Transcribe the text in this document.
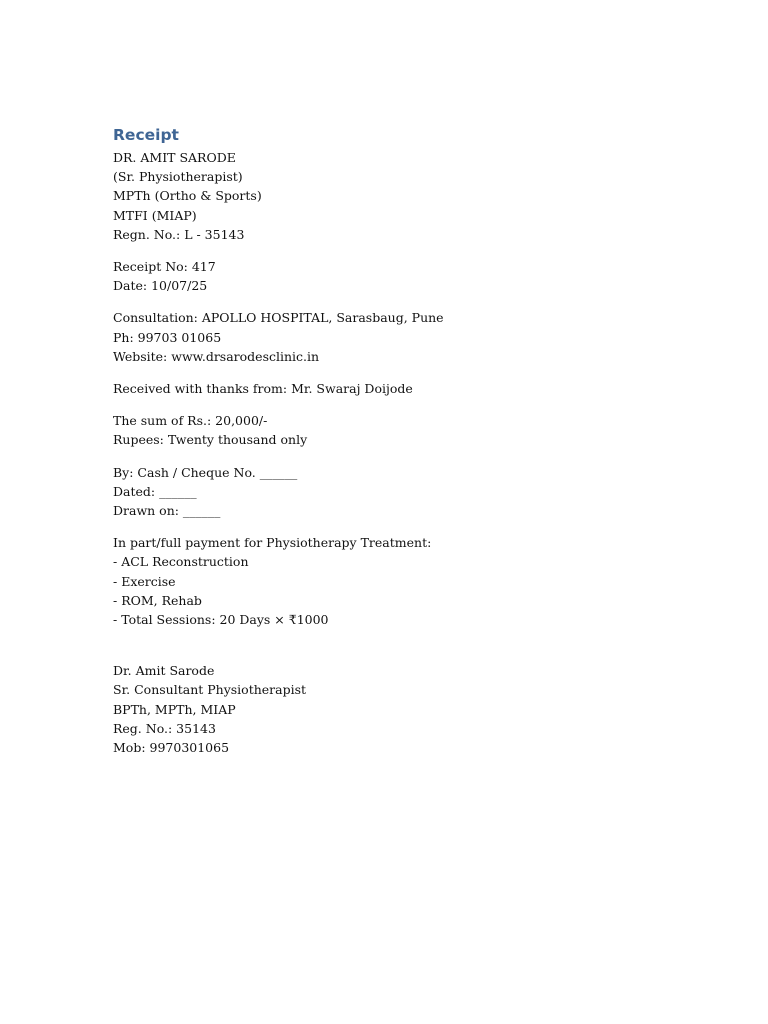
Receipt
DR. AMIT SARODE
(Sr. Physiotherapist)
MPTh (Ortho & Sports)
MTFI (MIAP)
Regn. No.: L - 35143
Receipt No: 417
Date: 10/07/25
Consultation: APOLLO HOSPITAL, Sarasbaug, Pune
Ph: 99703 01065
Website: www.drsarodesclinic.in
Received with thanks from: Mr. Swaraj Doijode
The sum of Rs.: 20,000/-
Rupees: Twenty thousand only
By: Cash / Cheque No. ______
Dated: ______
Drawn on: ______
In part/full payment for Physiotherapy Treatment:
- ACL Reconstruction
- Exercise
- ROM, Rehab
- Total Sessions: 20 Days × ₹1000
Dr. Amit Sarode
Sr. Consultant Physiotherapist
BPTh, MPTh, MIAP
Reg. No.: 35143
Mob: 9970301065
